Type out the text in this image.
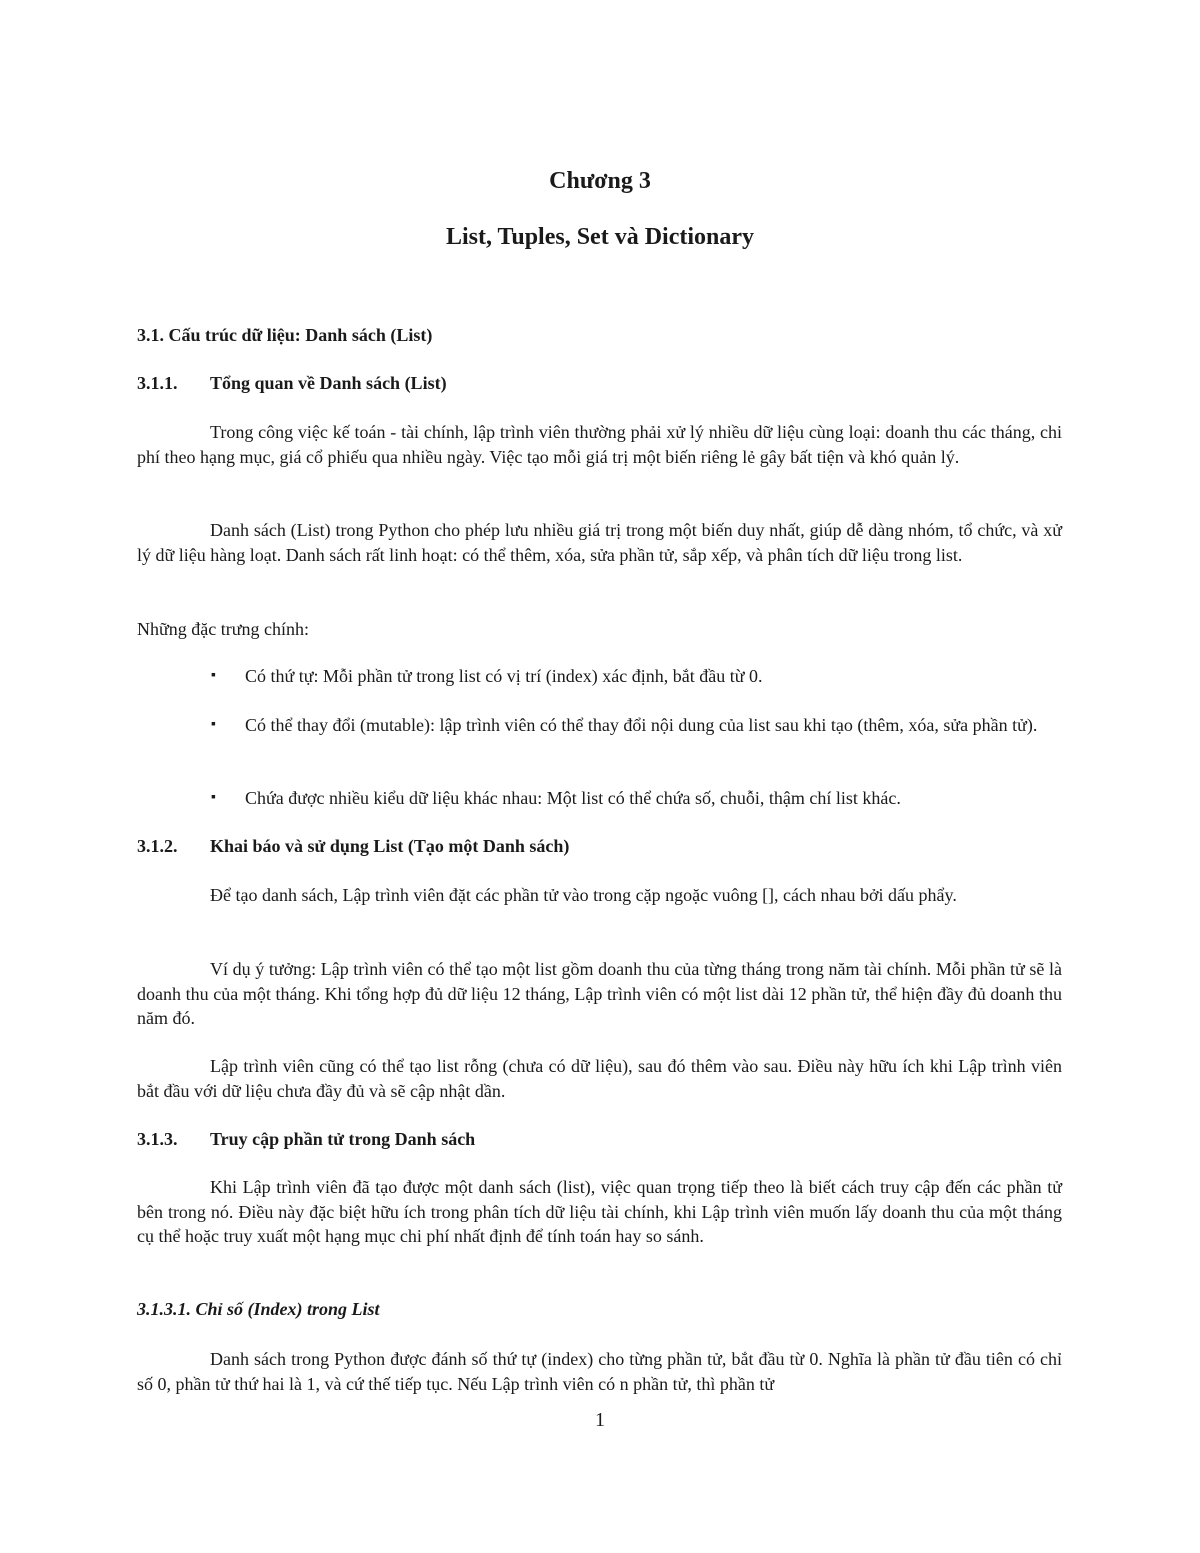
Chương 3
List, Tuples, Set và Dictionary
3.1. Cấu trúc dữ liệu: Danh sách (List)
3.1.1. Tổng quan về Danh sách (List)

Trong công việc kế toán - tài chính, lập trình viên thường phải xử lý nhiều dữ liệu cùng loại: doanh thu các tháng, chi phí theo hạng mục, giá cổ phiếu qua nhiều ngày. Việc tạo mỗi giá trị một biến riêng lẻ gây bất tiện và khó quản lý.

Danh sách (List) trong Python cho phép lưu nhiều giá trị trong một biến duy nhất, giúp dễ dàng nhóm, tổ chức, và xử lý dữ liệu hàng loạt. Danh sách rất linh hoạt: có thể thêm, xóa, sửa phần tử, sắp xếp, và phân tích dữ liệu trong list.

Những đặc trưng chính:

▪ Có thứ tự: Mỗi phần tử trong list có vị trí (index) xác định, bắt đầu từ 0.
▪ Có thể thay đổi (mutable): lập trình viên có thể thay đổi nội dung của list sau khi tạo (thêm, xóa, sửa phần tử).
▪ Chứa được nhiều kiểu dữ liệu khác nhau: Một list có thể chứa số, chuỗi, thậm chí list khác.
3.1.2. Khai báo và sử dụng List (Tạo một Danh sách)

Để tạo danh sách, Lập trình viên đặt các phần tử vào trong cặp ngoặc vuông [], cách nhau bởi dấu phẩy.

Ví dụ ý tưởng: Lập trình viên có thể tạo một list gồm doanh thu của từng tháng trong năm tài chính. Mỗi phần tử sẽ là doanh thu của một tháng. Khi tổng hợp đủ dữ liệu 12 tháng, Lập trình viên có một list dài 12 phần tử, thể hiện đầy đủ doanh thu năm đó.

Lập trình viên cũng có thể tạo list rỗng (chưa có dữ liệu), sau đó thêm vào sau. Điều này hữu ích khi Lập trình viên bắt đầu với dữ liệu chưa đầy đủ và sẽ cập nhật dần.

3.1.3. Truy cập phần tử trong Danh sách

Khi Lập trình viên đã tạo được một danh sách (list), việc quan trọng tiếp theo là biết cách truy cập đến các phần tử bên trong nó. Điều này đặc biệt hữu ích trong phân tích dữ liệu tài chính, khi Lập trình viên muốn lấy doanh thu của một tháng cụ thể hoặc truy xuất một hạng mục chi phí nhất định để tính toán hay so sánh.

3.1.3.1. Chỉ số (Index) trong List

Danh sách trong Python được đánh số thứ tự (index) cho từng phần tử, bắt đầu từ 0. Nghĩa là phần tử đầu tiên có chỉ số 0, phần tử thứ hai là 1, và cứ thế tiếp tục. Nếu Lập trình viên có n phần tử, thì phần tử

1
